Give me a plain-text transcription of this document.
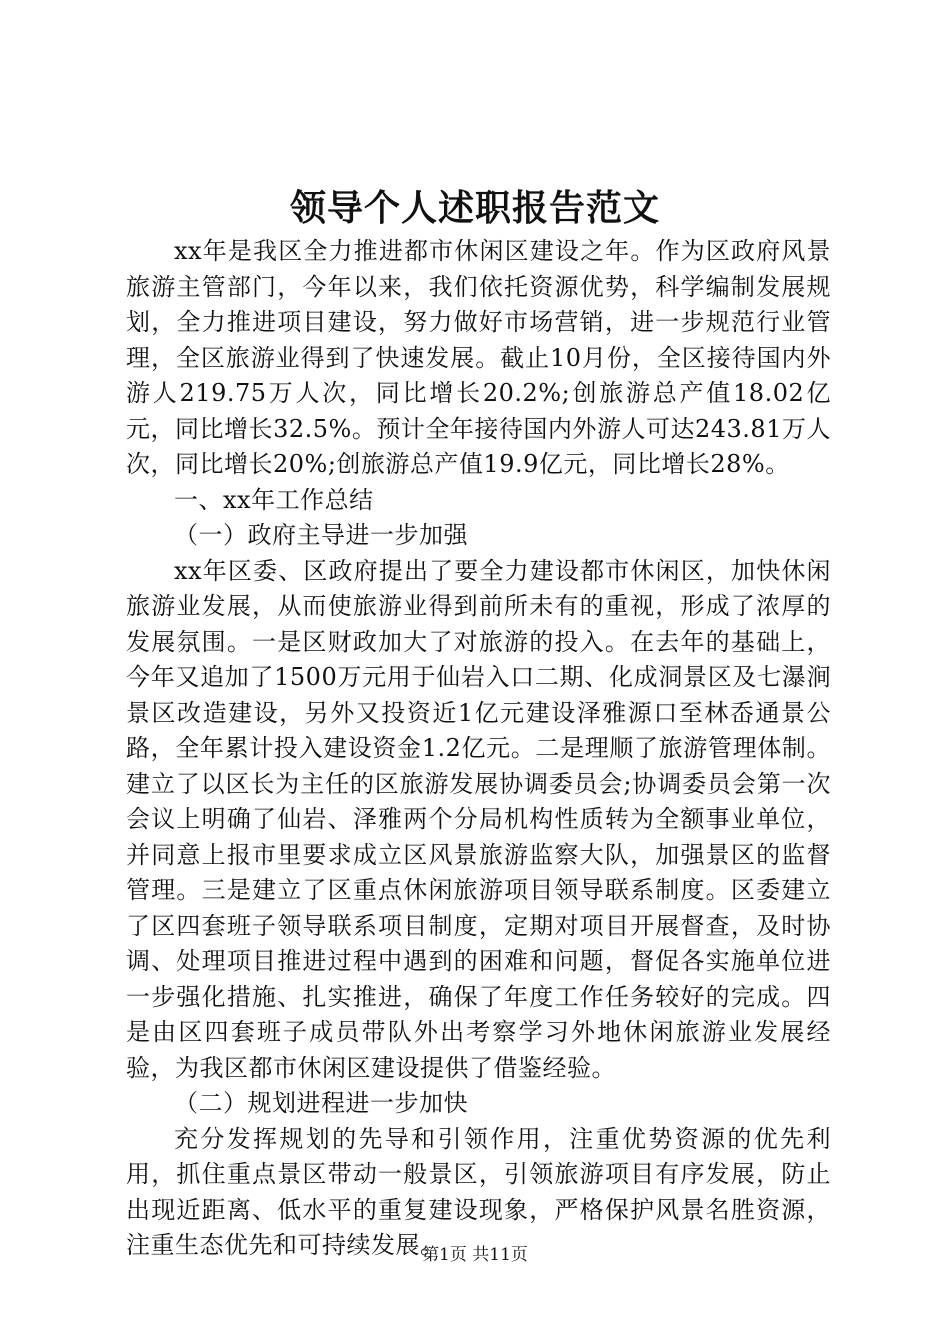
领导个人述职报告范文

xx年是我区全力推进都市休闲区建设之年。作为区政府风景旅游主管部门，今年以来，我们依托资源优势，科学编制发展规划，全力推进项目建设，努力做好市场营销，进一步规范行业管理，全区旅游业得到了快速发展。截止10月份，全区接待国内外游人219.75万人次，同比增长20.2%;创旅游总产值18.02亿元，同比增长32.5%。预计全年接待国内外游人可达243.81万人次，同比增长20%;创旅游总产值19.9亿元，同比增长28%。

一、xx年工作总结

（一）政府主导进一步加强

xx年区委、区政府提出了要全力建设都市休闲区，加快休闲旅游业发展，从而使旅游业得到前所未有的重视，形成了浓厚的发展氛围。一是区财政加大了对旅游的投入。在去年的基础上，今年又追加了1500万元用于仙岩入口二期、化成洞景区及七瀑涧景区改造建设，另外又投资近1亿元建设泽雅源口至林岙通景公路，全年累计投入建设资金1.2亿元。二是理顺了旅游管理体制。建立了以区长为主任的区旅游发展协调委员会;协调委员会第一次会议上明确了仙岩、泽雅两个分局机构性质转为全额事业单位，并同意上报市里要求成立区风景旅游监察大队，加强景区的监督管理。三是建立了区重点休闲旅游项目领导联系制度。区委建立了区四套班子领导联系项目制度，定期对项目开展督查，及时协调、处理项目推进过程中遇到的困难和问题，督促各实施单位进一步强化措施、扎实推进，确保了年度工作任务较好的完成。四是由区四套班子成员带队外出考察学习外地休闲旅游业发展经验，为我区都市休闲区建设提供了借鉴经验。

（二）规划进程进一步加快

充分发挥规划的先导和引领作用，注重优势资源的优先利用，抓住重点景区带动一般景区，引领旅游项目有序发展，防止出现近距离、低水平的重复建设现象，严格保护风景名胜资源，注重生态优先和可持续发展。

第1页 共11页
